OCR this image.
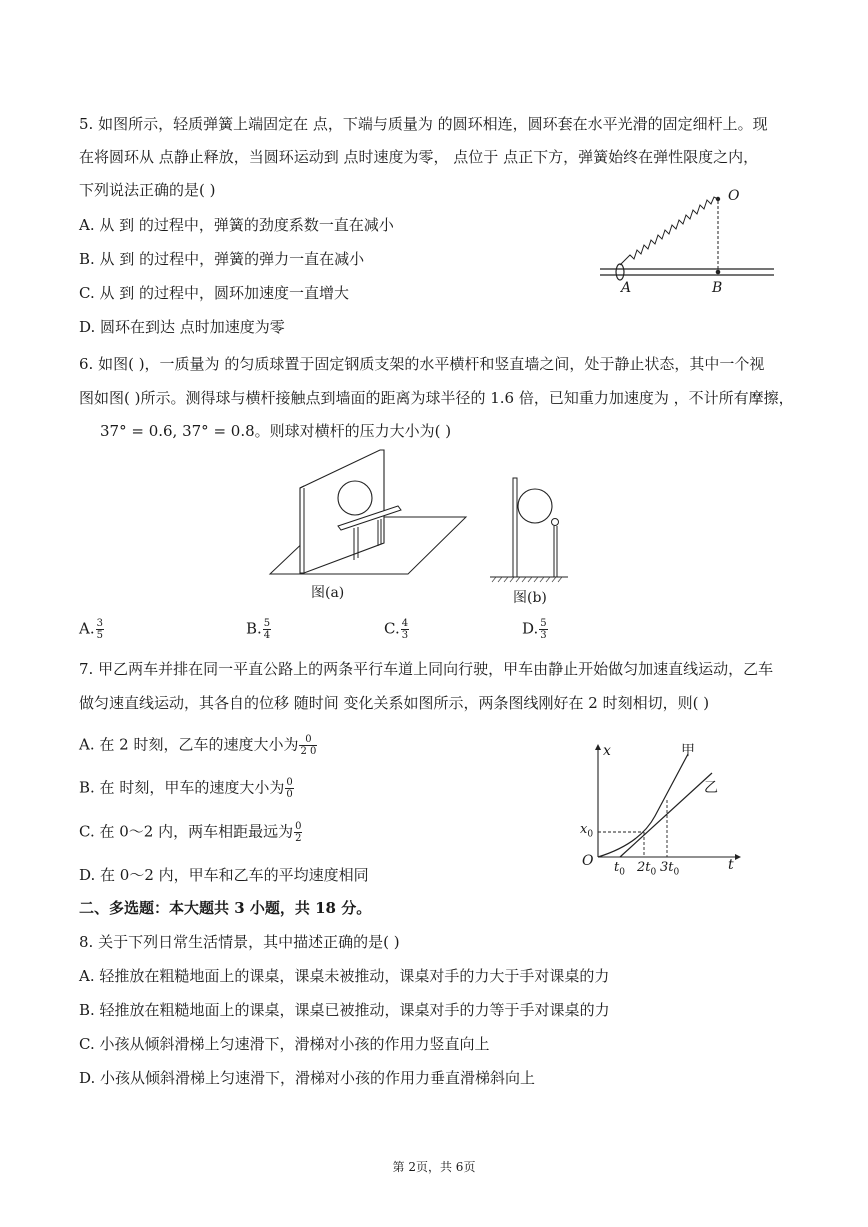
5. 如图所示，轻质弹簧上端固定在 点，下端与质量为 的圆环相连，圆环套在水平光滑的固定细杆上。现
在将圆环从 点静止释放，当圆环运动到 点时速度为零， 点位于 点正下方，弹簧始终在弹性限度之内，
下列说法正确的是( )
A. 从 到 的过程中，弹簧的劲度系数一直在减小
B. 从 到 的过程中，弹簧的弹力一直在减小
C. 从 到 的过程中，圆环加速度一直增大
D. 圆环在到达 点时加速度为零
O
A	B
6. 如图( )，一质量为 的匀质球置于固定钢质支架的水平横杆和竖直墙之间，处于静止状态，其中一个视
图如图( )所示。测得球与横杆接触点到墙面的距离为球半径的 1.6 倍，已知重力加速度为 ，不计所有摩擦，
37° = 0.6, 37° = 0.8。则球对横杆的压力大小为( )
图(a)	图(b)
A. $\frac{3}{5}$	B. $\frac{5}{4}$	C. $\frac{4}{3}$	D. $\frac{5}{3}$
7. 甲乙两车并排在同一平直公路上的两条平行车道上同向行驶，甲车由静止开始做匀加速直线运动，乙车
做匀速直线运动，其各自的位移 随时间 变化关系如图所示，两条图线刚好在 2 时刻相切，则( )
A. 在 2 时刻，乙车的速度大小为 $\frac{0}{2 0}$
B. 在 时刻，甲车的速度大小为 $\frac{0}{0}$
C. 在 0～2 内，两车相距最远为 $\frac{0}{2}$
D. 在 0～2 内，甲车和乙车的平均速度相同
x	甲
乙
$x_0$
O $t_0$ $2t_0$ $3t_0$	t
二、多选题：本大题共 3 小题，共 18 分。
8. 关于下列日常生活情景，其中描述正确的是( )
A. 轻推放在粗糙地面上的课桌，课桌未被推动，课桌对手的力大于手对课桌的力
B. 轻推放在粗糙地面上的课桌，课桌已被推动，课桌对手的力等于手对课桌的力
C. 小孩从倾斜滑梯上匀速滑下，滑梯对小孩的作用力竖直向上
D. 小孩从倾斜滑梯上匀速滑下，滑梯对小孩的作用力垂直滑梯斜向上
第 2页，共 6页
